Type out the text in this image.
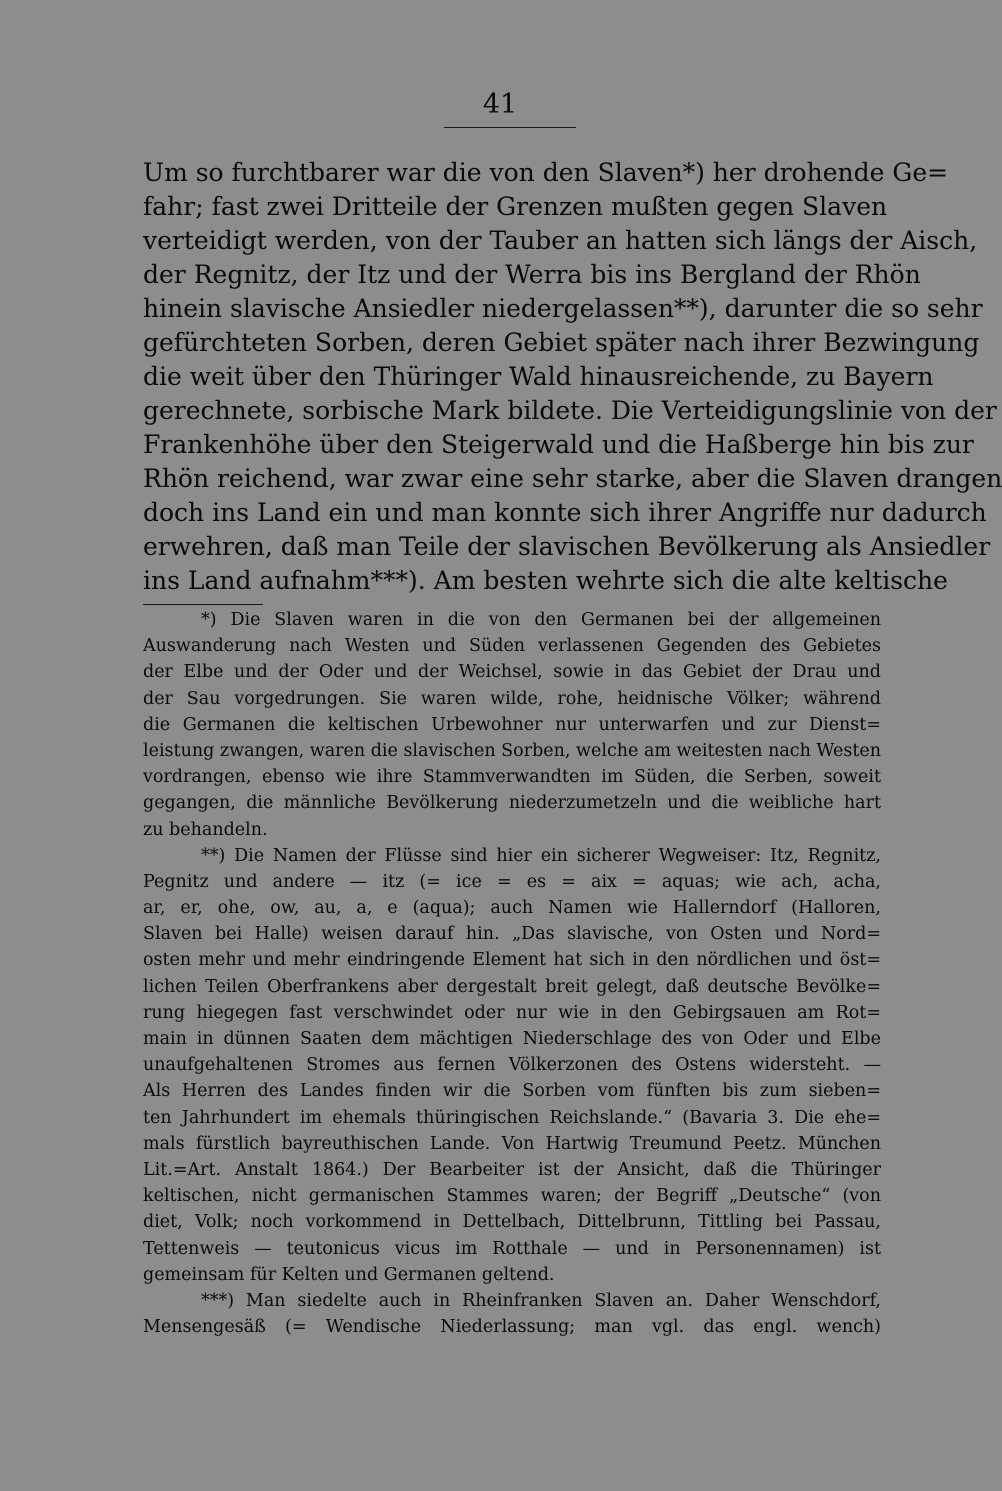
41
Um so furchtbarer war die von den Slaven*) her drohende Ge=
fahr; fast zwei Dritteile der Grenzen mußten gegen Slaven
verteidigt werden, von der Tauber an hatten sich längs der Aisch,
der Regnitz, der Itz und der Werra bis ins Bergland der Rhön
hinein slavische Ansiedler niedergelassen**), darunter die so sehr
gefürchteten Sorben, deren Gebiet später nach ihrer Bezwingung
die weit über den Thüringer Wald hinausreichende, zu Bayern
gerechnete, sorbische Mark bildete. Die Verteidigungslinie von der
Frankenhöhe über den Steigerwald und die Haßberge hin bis zur
Rhön reichend, war zwar eine sehr starke, aber die Slaven drangen
doch ins Land ein und man konnte sich ihrer Angriffe nur dadurch
erwehren, daß man Teile der slavischen Bevölkerung als Ansiedler
ins Land aufnahm***). Am besten wehrte sich die alte keltische
*) Die Slaven waren in die von den Germanen bei der allgemeinen
Auswanderung nach Westen und Süden verlassenen Gegenden des Gebietes
der Elbe und der Oder und der Weichsel, sowie in das Gebiet der Drau und
der Sau vorgedrungen. Sie waren wilde, rohe, heidnische Völker; während
die Germanen die keltischen Urbewohner nur unterwarfen und zur Dienst=
leistung zwangen, waren die slavischen Sorben, welche am weitesten nach Westen
vordrangen, ebenso wie ihre Stammverwandten im Süden, die Serben, soweit
gegangen, die männliche Bevölkerung niederzumetzeln und die weibliche hart
zu behandeln.
**) Die Namen der Flüsse sind hier ein sicherer Wegweiser: Itz, Regnitz,
Pegnitz und andere — itz (= ice = es = aix = aquas; wie ach, acha,
ar, er, ohe, ow, au, a, e (aqua); auch Namen wie Hallerndorf (Halloren,
Slaven bei Halle) weisen darauf hin. „Das slavische, von Osten und Nord=
osten mehr und mehr eindringende Element hat sich in den nördlichen und öst=
lichen Teilen Oberfrankens aber dergestalt breit gelegt, daß deutsche Bevölke=
rung hiegegen fast verschwindet oder nur wie in den Gebirgsauen am Rot=
main in dünnen Saaten dem mächtigen Niederschlage des von Oder und Elbe
unaufgehaltenen Stromes aus fernen Völkerzonen des Ostens widersteht. —
Als Herren des Landes finden wir die Sorben vom fünften bis zum sieben=
ten Jahrhundert im ehemals thüringischen Reichslande.“ (Bavaria 3. Die ehe=
mals fürstlich bayreuthischen Lande. Von Hartwig Treumund Peetz. München
Lit.=Art. Anstalt 1864.) Der Bearbeiter ist der Ansicht, daß die Thüringer
keltischen, nicht germanischen Stammes waren; der Begriff „Deutsche“ (von
diet, Volk; noch vorkommend in Dettelbach, Dittelbrunn, Tittling bei Passau,
Tettenweis — teutonicus vicus im Rotthale — und in Personennamen) ist
gemeinsam für Kelten und Germanen geltend.
***) Man siedelte auch in Rheinfranken Slaven an. Daher Wenschdorf,
Mensengesäß (= Wendische Niederlassung; man vgl. das engl. wench)
